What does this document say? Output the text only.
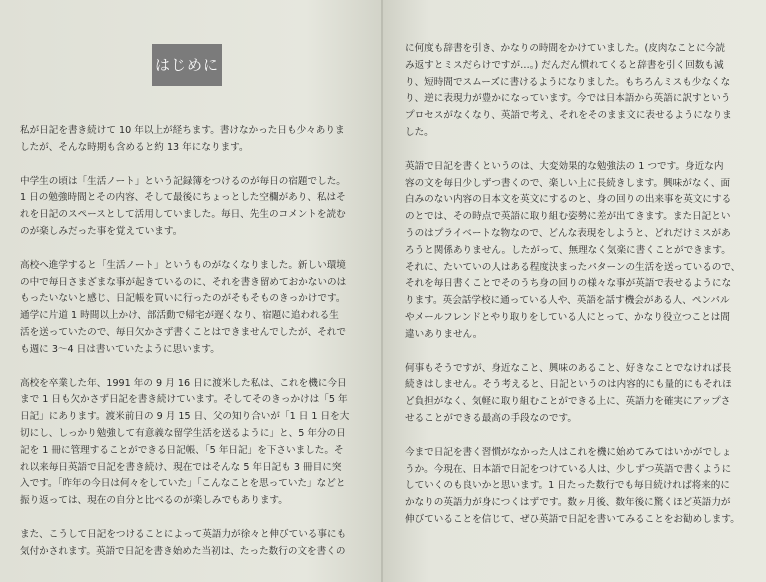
はじめに
私が日記を書き続けて 10 年以上が経ちます。書けなかった日も少々ありま
したが、そんな時期も含めると約 13 年になります。
中学生の頃は「生活ノート」という記録簿をつけるのが毎日の宿題でした。
1 日の勉強時間とその内容、そして最後にちょっとした空欄があり、私はそ
れを日記のスペースとして活用していました。毎日、先生のコメントを読む
のが楽しみだった事を覚えています。
高校へ進学すると「生活ノート」というものがなくなりました。新しい環境
の中で毎日さまざまな事が起きているのに、それを書き留めておかないのは
もったいないと感じ、日記帳を買いに行ったのがそもそものきっかけです。
通学に片道 1 時間以上かけ、部活動で帰宅が遅くなり、宿題に追われる生
活を送っていたので、毎日欠かさず書くことはできませんでしたが、それで
も週に 3～4 日は書いていたように思います。
高校を卒業した年、1991 年の 9 月 16 日に渡米した私は、これを機に今日
まで 1 日も欠かさず日記を書き続けています。そしてそのきっかけは「5 年
日記」にあります。渡米前日の 9 月 15 日、父の知り合いが「1 日 1 日を大
切にし、しっかり勉強して有意義な留学生活を送るように」と、5 年分の日
記を 1 冊に管理することができる日記帳、「5 年日記」を下さいました。そ
れ以来毎日英語で日記を書き続け、現在ではそんな 5 年日記も 3 冊目に突
入です。「昨年の今日は何々をしていた」「こんなことを思っていた」などと
振り返っては、現在の自分と比べるのが楽しみでもあります。
また、こうして日記をつけることによって英語力が徐々と伸びている事にも
気付かされます。英語で日記を書き始めた当初は、たった数行の文を書くの
に何度も辞書を引き、かなりの時間をかけていました。(皮肉なことに今読
み返すとミスだらけですが…。) だんだん慣れてくると辞書を引く回数も減
り、短時間でスムーズに書けるようになりました。もちろんミスも少なくな
り、逆に表現力が豊かになっています。今では日本語から英語に訳すという
プロセスがなくなり、英語で考え、それをそのまま文に表せるようになりま
した。
英語で日記を書くというのは、大変効果的な勉強法の 1 つです。身近な内
容の文を毎日少しずつ書くので、楽しい上に長続きします。興味がなく、面
白みのない内容の日本文を英文にするのと、身の回りの出来事を英文にする
のとでは、その時点で英語に取り組む姿勢に差が出てきます。また日記とい
うのはプライベートな物なので、どんな表現をしようと、どれだけミスがあ
ろうと関係ありません。したがって、無理なく気楽に書くことができます。
それに、たいていの人はある程度決まったパターンの生活を送っているので、
それを毎日書くことでそのうち身の回りの様々な事が英語で表せるようにな
ります。英会話学校に通っている人や、英語を話す機会がある人、ペンパル
やメールフレンドとやり取りをしている人にとって、かなり役立つことは間
違いありません。
何事もそうですが、身近なこと、興味のあること、好きなことでなければ長
続きはしません。そう考えると、日記というのは内容的にも量的にもそれほ
ど負担がなく、気軽に取り組むことができる上に、英語力を確実にアップさ
せることができる最高の手段なのです。
今まで日記を書く習慣がなかった人はこれを機に始めてみてはいかがでしょ
うか。今現在、日本語で日記をつけている人は、少しずつ英語で書くように
していくのも良いかと思います。1 日たった数行でも毎日続ければ将来的に
かなりの英語力が身につくはずです。数ヶ月後、数年後に驚くほど英語力が
伸びていることを信じて、ぜひ英語で日記を書いてみることをお勧めします。
